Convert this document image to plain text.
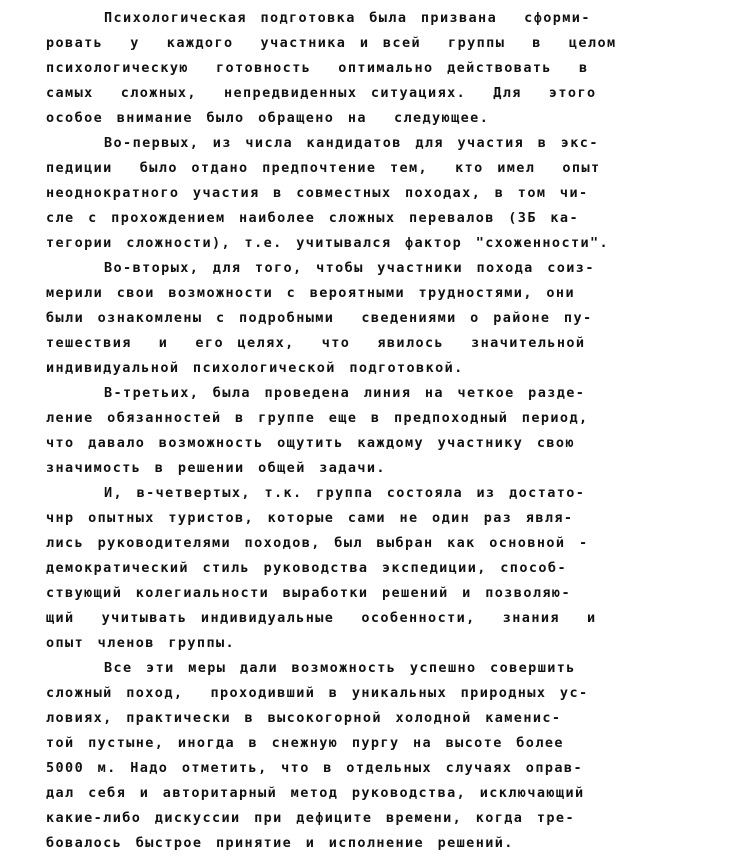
Психологическая подготовка была призвана  сформи-
ровать  у  каждого  участника и всей  группы  в  целом
психологическую  готовность  оптимально действовать  в
самых  сложных,  непредвиденных ситуациях.  Для  этого
особое внимание было обращено на  следующее.
Во-первых, из числа кандидатов для участия в экс-
педиции  было отдано предпочтение тем,  кто имел  опыт
неоднократного участия в совместных походах, в том чи-
сле с прохождением наиболее сложных перевалов (3Б ка-
тегории сложности), т.е. учитывался фактор "схоженности".
Во-вторых, для того, чтобы участники похода соиз-
мерили свои возможности с вероятными трудностями, они
были ознакомлены с подробными  сведениями о районе пу-
тешествия  и  его целях,  что  явилось  значительной
индивидуальной психологической подготовкой.
В-третьих, была проведена линия на четкое разде-
ление обязанностей в группе еще в предпоходный период,
что давало возможность ощутить каждому участнику свою
значимость в решении общей задачи.
И, в-четвертых, т.к. группа состояла из достато-
чнр опытных туристов, которые сами не один раз явля-
лись руководителями походов, был выбран как основной -
демократический стиль руководства экспедиции, способ-
ствующий колегиальности выработки решений и позволяю-
щий  учитывать индивидуальные  особенности,  знания  и
опыт членов группы.
Все эти меры дали возможность успешно совершить
сложный поход,  проходивший в уникальных природных ус-
ловиях, практически в высокогорной холодной каменис-
той пустыне, иногда в снежную пургу на высоте более
5000 м. Надо отметить, что в отдельных случаях оправ-
дал себя и авторитарный метод руководства, исключающий
какие-либо дискуссии при дефиците времени, когда тре-
бовалось быстрое принятие и исполнение решений.
